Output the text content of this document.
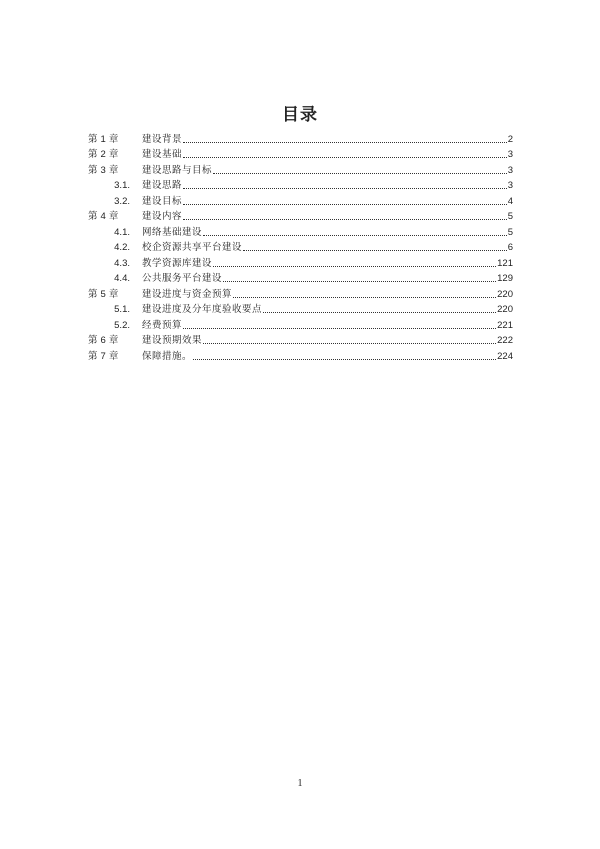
目录
第 1 章	建设背景	2
第 2 章	建设基础	3
第 3 章	建设思路与目标	3
3.1. 建设思路	3
3.2. 建设目标	4
第 4 章	建设内容	5
4.1. 网络基础建设	5
4.2. 校企资源共享平台建设	6
4.3. 教学资源库建设	121
4.4. 公共服务平台建设	129
第 5 章	建设进度与资金预算	220
5.1. 建设进度及分年度验收要点	220
5.2. 经费预算	221
第 6 章	建设预期效果	222
第 7 章	保障措施。	224
1
